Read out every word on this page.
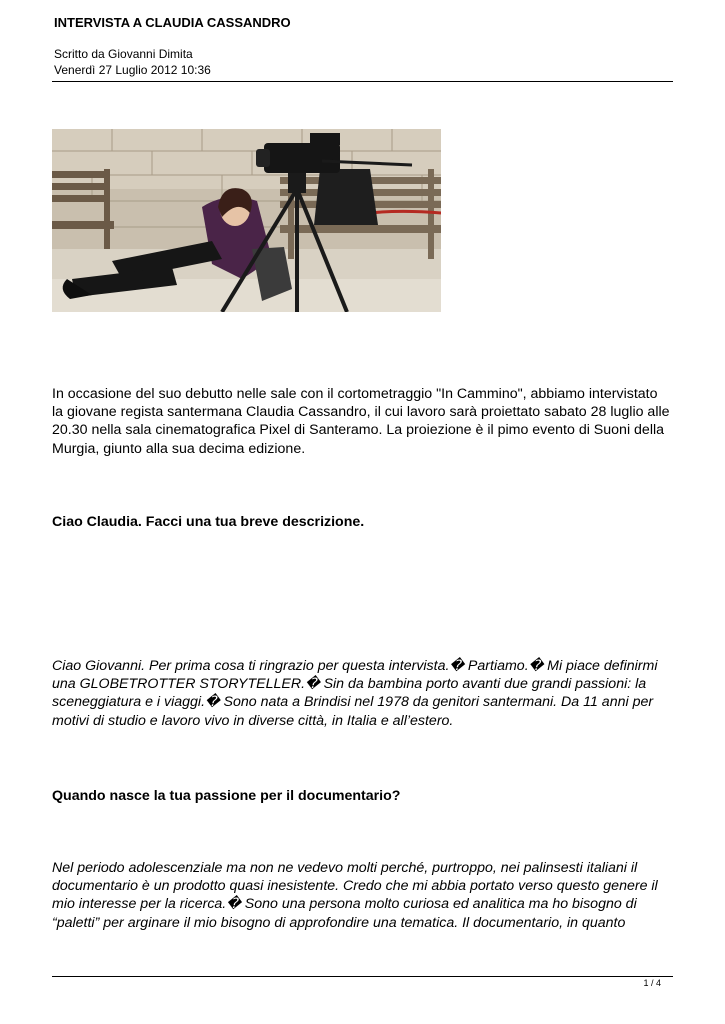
INTERVISTA A CLAUDIA CASSANDRO
Scritto da Giovanni Dimita
Venerdì 27 Luglio 2012 10:36

In occasione del suo debutto nelle sale con il cortometraggio "In Cammino", abbiamo intervistato la giovane regista santermana Claudia Cassandro, il cui lavoro sarà proiettato sabato 28 luglio alle 20.30 nella sala cinematografica Pixel di Santeramo. La proiezione è il pimo evento di Suoni della Murgia, giunto alla sua decima edizione.

Ciao Claudia. Facci una tua breve descrizione.

Ciao Giovanni. Per prima cosa ti ringrazio per questa intervista.� Partiamo.� Mi piace definirmi una GLOBETROTTER STORYTELLER.� Sin da bambina porto avanti due grandi passioni: la sceneggiatura e i viaggi.� Sono nata a Brindisi nel 1978 da genitori santermani. Da 11 anni per motivi di studio e lavoro vivo in diverse città, in Italia e all’estero.

Quando nasce la tua passione per il documentario?

Nel periodo adolescenziale ma non ne vedevo molti perché, purtroppo, nei palinsesti italiani il documentario è un prodotto quasi inesistente. Credo che mi abbia portato verso questo genere il mio interesse per la ricerca.� Sono una persona molto curiosa ed analitica ma ho bisogno di “paletti” per arginare il mio bisogno di approfondire una tematica. Il documentario, in quanto

1 / 4
